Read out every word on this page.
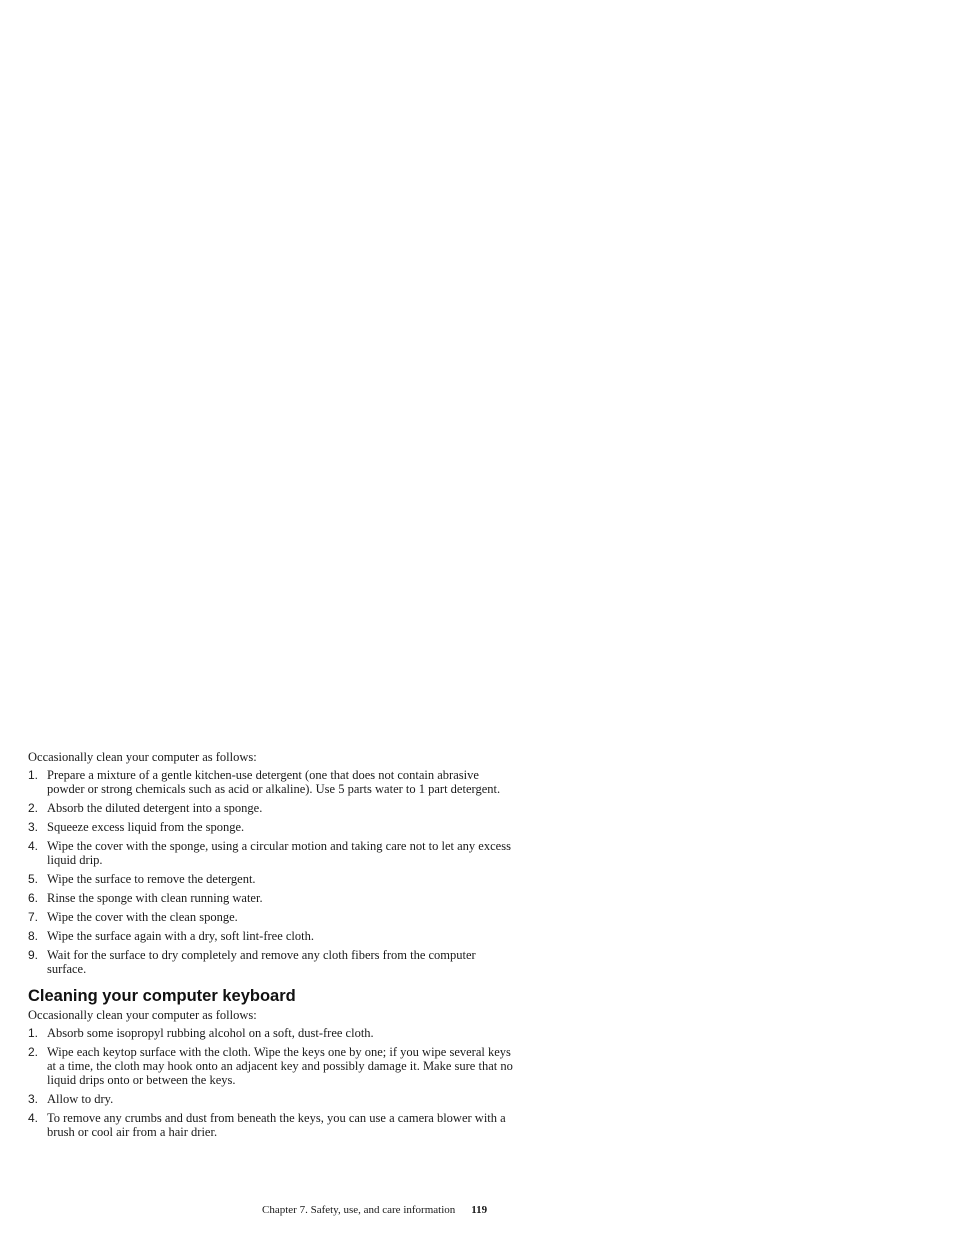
Occasionally clean your computer as follows:

1. Prepare a mixture of a gentle kitchen-use detergent (one that does not contain abrasive powder or strong chemicals such as acid or alkaline). Use 5 parts water to 1 part detergent.
2. Absorb the diluted detergent into a sponge.
3. Squeeze excess liquid from the sponge.
4. Wipe the cover with the sponge, using a circular motion and taking care not to let any excess liquid drip.
5. Wipe the surface to remove the detergent.
6. Rinse the sponge with clean running water.
7. Wipe the cover with the clean sponge.
8. Wipe the surface again with a dry, soft lint-free cloth.
9. Wait for the surface to dry completely and remove any cloth fibers from the computer surface.
Cleaning your computer keyboard

Occasionally clean your computer as follows:

1. Absorb some isopropyl rubbing alcohol on a soft, dust-free cloth.
2. Wipe each keytop surface with the cloth. Wipe the keys one by one; if you wipe several keys at a time, the cloth may hook onto an adjacent key and possibly damage it. Make sure that no liquid drips onto or between the keys.
3. Allow to dry.
4. To remove any crumbs and dust from beneath the keys, you can use a camera blower with a brush or cool air from a hair drier.
Chapter 7. Safety, use, and care information 119
